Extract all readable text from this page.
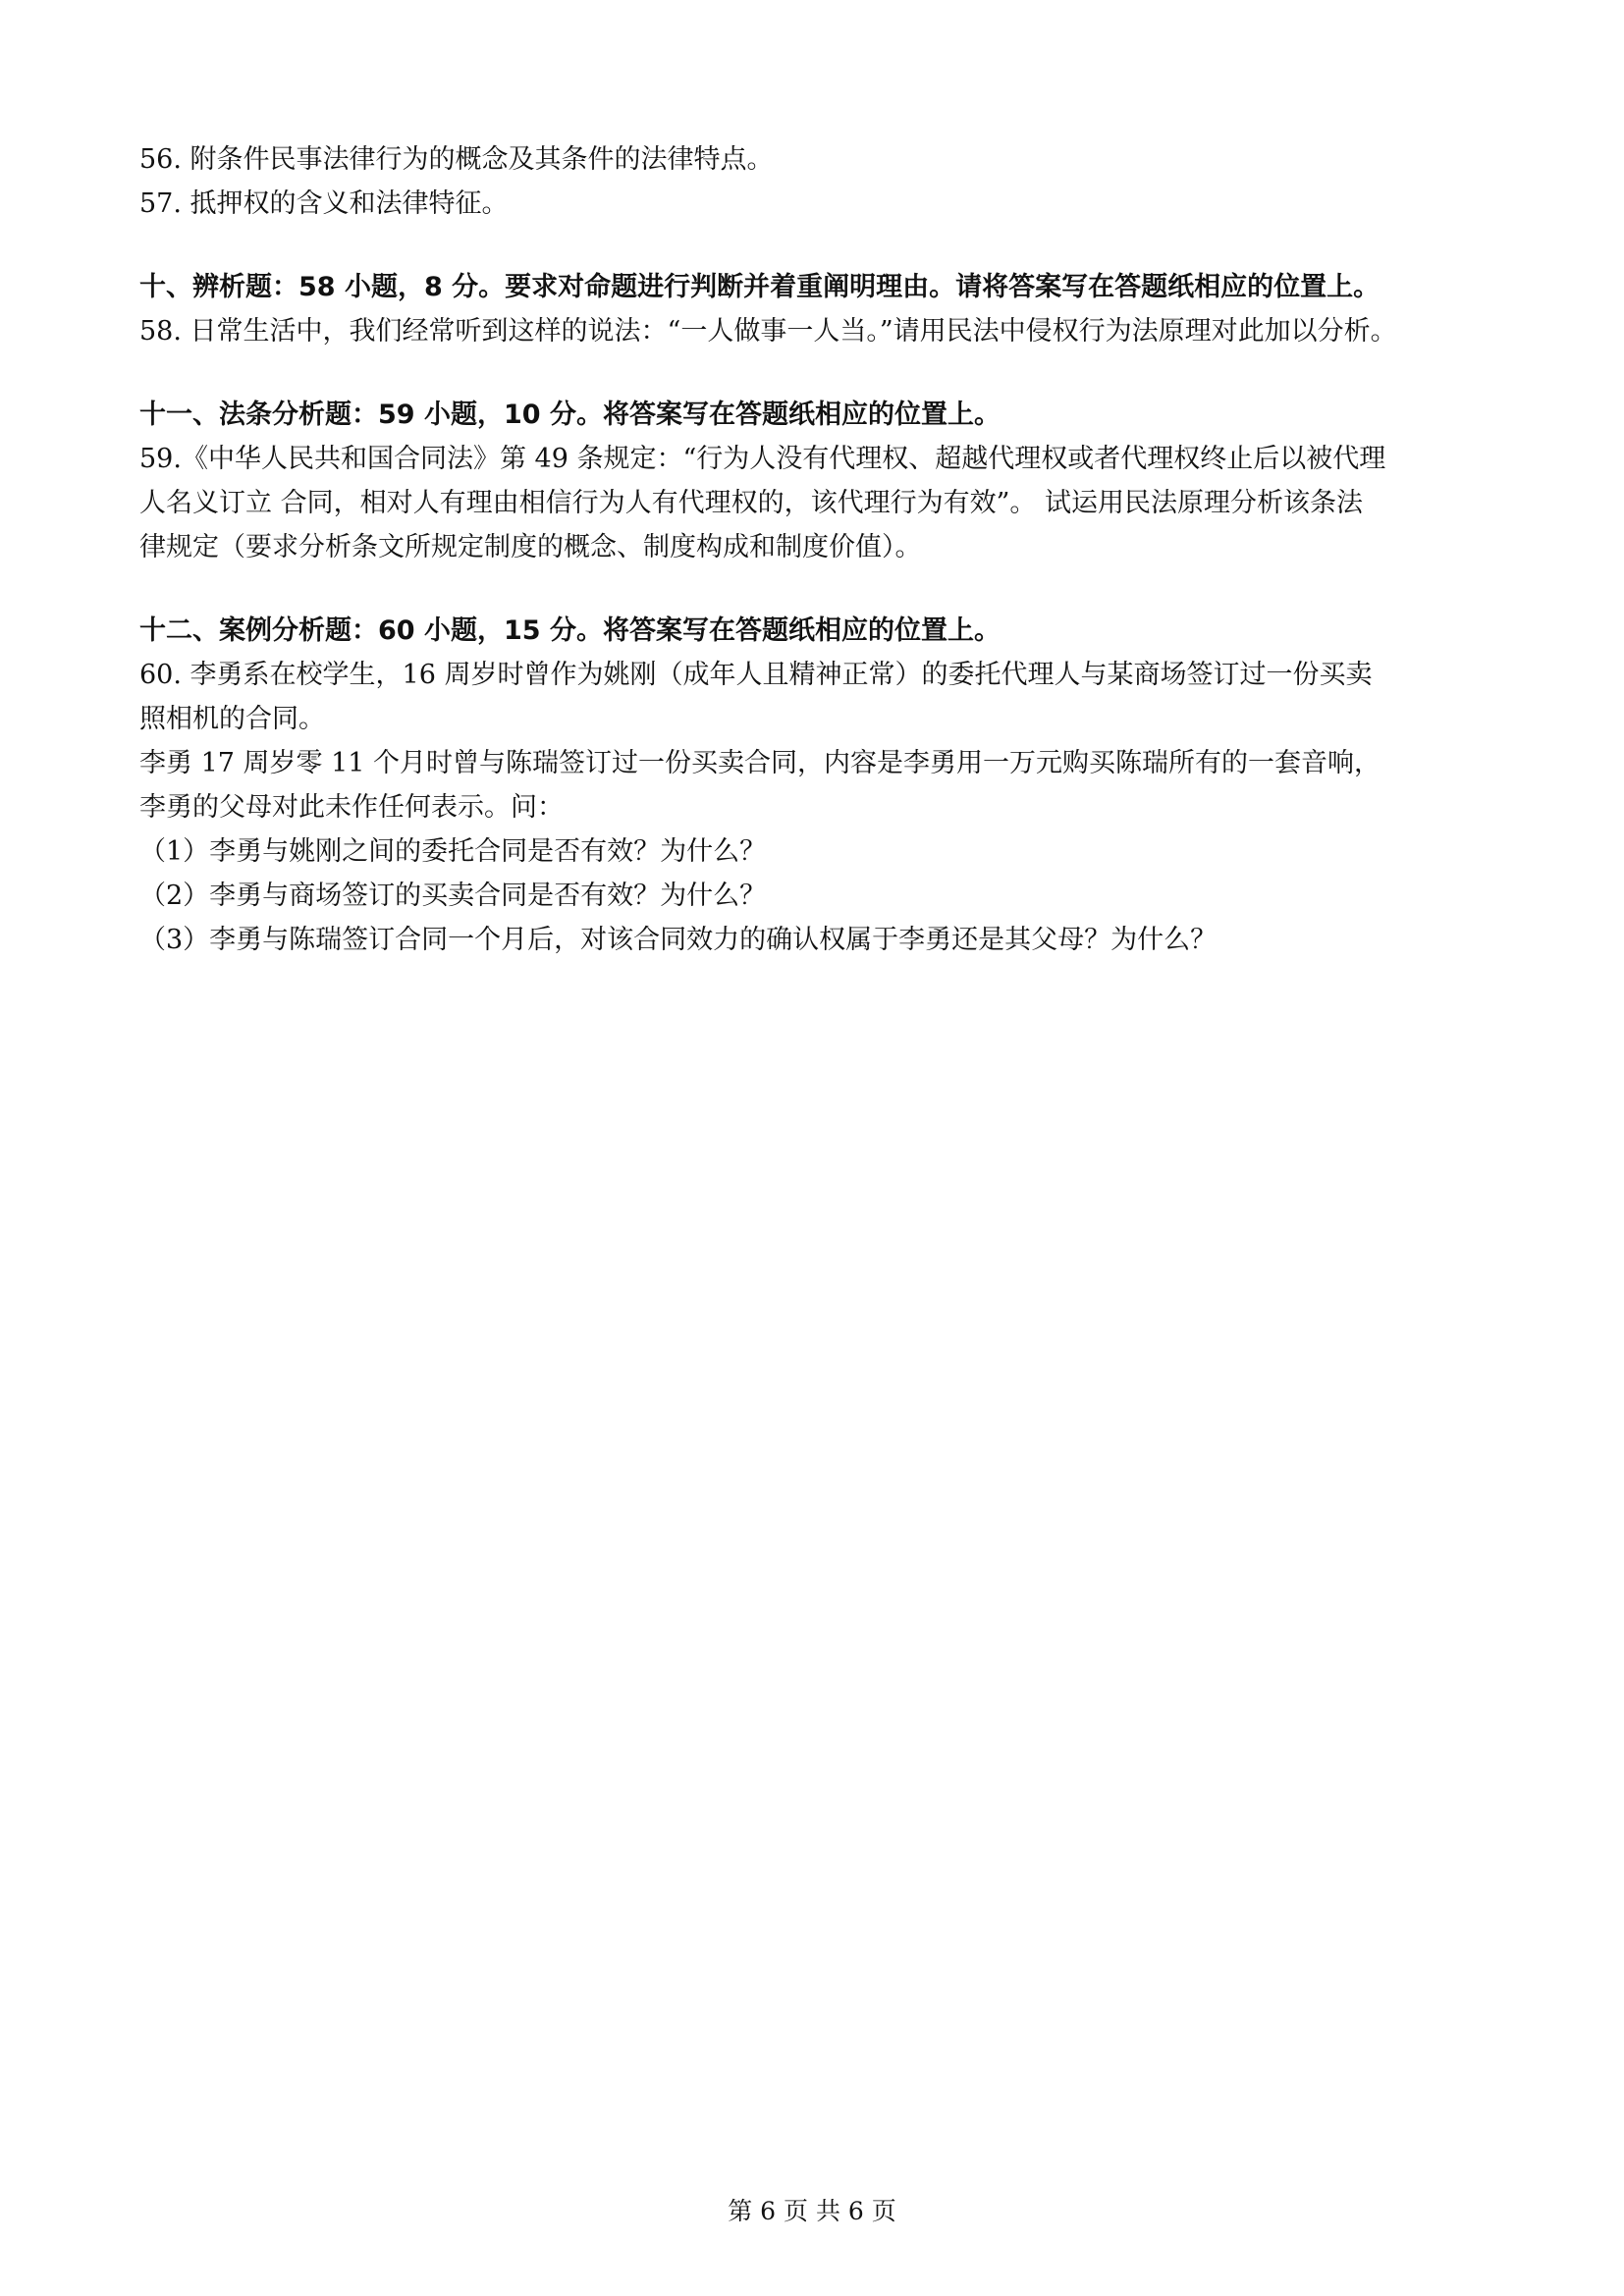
56. 附条件民事法律行为的概念及其条件的法律特点。
57. 抵押权的含义和法律特征。
十、辨析题：58 小题，8 分。要求对命题进行判断并着重阐明理由。请将答案写在答题纸相应的位置上。
58. 日常生活中，我们经常听到这样的说法：“一人做事一人当。”请用民法中侵权行为法原理对此加以分析。
十一、法条分析题：59 小题，10 分。将答案写在答题纸相应的位置上。
59.《中华人民共和国合同法》第 49 条规定：“行为人没有代理权、超越代理权或者代理权终止后以被代理
人名义订立 合同，相对人有理由相信行为人有代理权的，该代理行为有效”。 试运用民法原理分析该条法
律规定（要求分析条文所规定制度的概念、制度构成和制度价值）。
十二、案例分析题：60 小题，15 分。将答案写在答题纸相应的位置上。
60. 李勇系在校学生，16 周岁时曾作为姚刚（成年人且精神正常）的委托代理人与某商场签订过一份买卖
照相机的合同。
李勇 17 周岁零 11 个月时曾与陈瑞签订过一份买卖合同，内容是李勇用一万元购买陈瑞所有的一套音响，
李勇的父母对此未作任何表示。问：
（1）李勇与姚刚之间的委托合同是否有效？为什么？
（2）李勇与商场签订的买卖合同是否有效？为什么？
（3）李勇与陈瑞签订合同一个月后，对该合同效力的确认权属于李勇还是其父母？为什么？
第 6 页 共 6 页
